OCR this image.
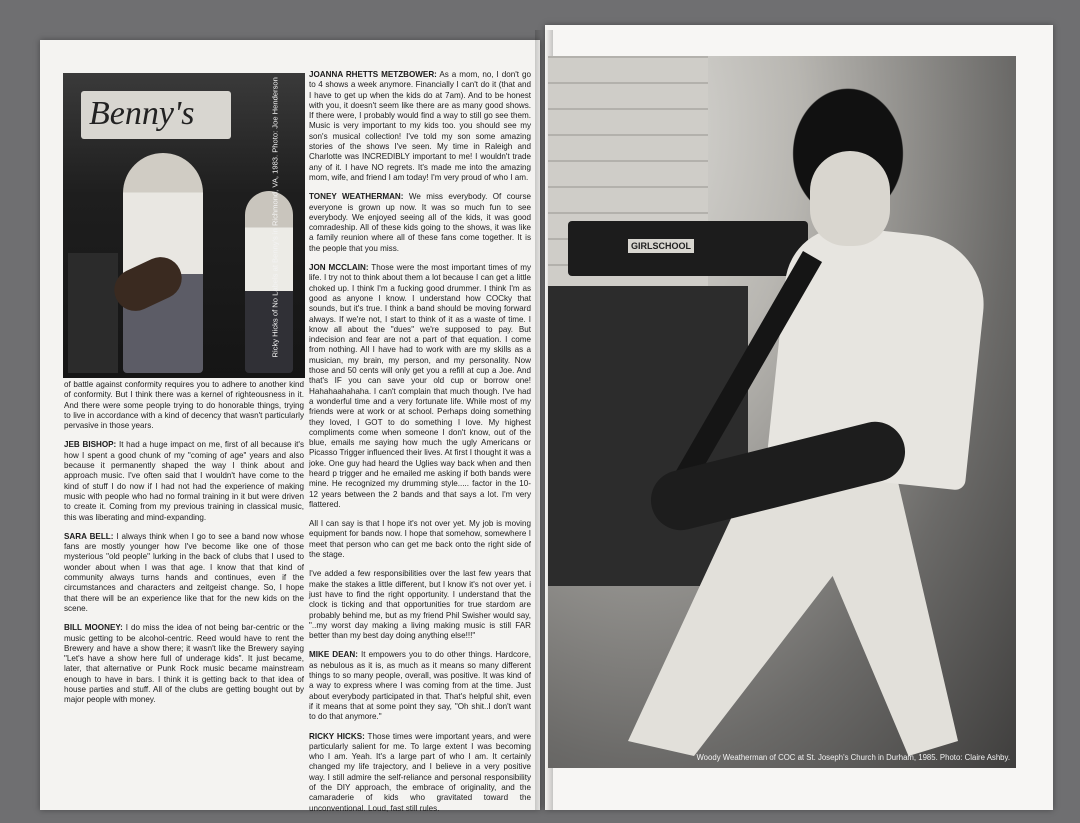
Benny's	Ricky Hicks of No Labels at Benny's in Richmond, VA, 1983. Photo: Joe Henderson

of battle against conformity requires you to adhere to another kind of conformity. But I think there was a kernel of righteousness in it. And there were some people trying to do honorable things, trying to live in accordance with a kind of decency that wasn't particularly pervasive in those years.

JEB BISHOP: It had a huge impact on me, first of all because it's how I spent a good chunk of my "coming of age" years and also because it permanently shaped the way I think about and approach music. I've often said that I wouldn't have come to the kind of stuff I do now if I had not had the experience of making music with people who had no formal training in it but were driven to create it. Coming from my previous training in classical music, this was liberating and mind-expanding.

SARA BELL: I always think when I go to see a band now whose fans are mostly younger how I've become like one of those mysterious "old people" lurking in the back of clubs that I used to wonder about when I was that age. I know that that kind of community always turns hands and continues, even if the circumstances and characters and zeitgeist change. So, I hope that there will be an experience like that for the new kids on the scene.

BILL MOONEY: I do miss the idea of not being bar-centric or the music getting to be alcohol-centric. Reed would have to rent the Brewery and have a show there; it wasn't like the Brewery saying "Let's have a show here full of underage kids". It just became, later, that alternative or Punk Rock music became mainstream enough to have in bars. I think it is getting back to that idea of house parties and stuff. All of the clubs are getting bought out by major people with money.

JOANNA RHETTS METZBOWER: As a mom, no, I don't go to 4 shows a week anymore. Financially I can't do it (that and I have to get up when the kids do at 7am). And to be honest with you, it doesn't seem like there are as many good shows. If there were, I probably would find a way to still go see them. Music is very important to my kids too. you should see my son's musical collection! I've told my son some amazing stories of the shows I've seen. My time in Raleigh and Charlotte was INCREDIBLY important to me! I wouldn't trade any of it. I have NO regrets. It's made me into the amazing mom, wife, and friend I am today! I'm very proud of who I am.

TONEY WEATHERMAN: We miss everybody. Of course everyone is grown up now. It was so much fun to see everybody. We enjoyed seeing all of the kids, it was good comradeship. All of these kids going to the shows, it was like a family reunion where all of these fans come together. It is the people that you miss.

JON MCCLAIN: Those were the most important times of my life. I try not to think about them a lot because I can get a little choked up. I think I'm a fucking good drummer. I think I'm as good as anyone I know. I understand how COCky that sounds, but it's true. I think a band should be moving forward always. If we're not, I start to think of it as a waste of time. I know all about the "dues" we're supposed to pay. But indecision and fear are not a part of that equation. I come from nothing. All I have had to work with are my skills as a musician, my brain, my person, and my personality. Now those and 50 cents will only get you a refill at cup a Joe. And that's IF you can save your old cup or borrow one! Hahahaahahaha. I can't complain that much though. I've had a wonderful time and a very fortunate life. While most of my friends were at work or at school. Perhaps doing something they loved, I GOT to do something I love. My highest compliments come when someone I don't know, out of the blue, emails me saying how much the ugly Americans or Picasso Trigger influenced their lives. At first I thought it was a joke. One guy had heard the Uglies way back when and then heard p trigger and he emailed me asking if both bands were mine. He recognized my drumming style..... factor in the 10-12 years between the 2 bands and that says a lot. I'm very flattered.

All I can say is that I hope it's not over yet. My job is moving equipment for bands now. I hope that somehow, somewhere I meet that person who can get me back onto the right side of the stage.

I've added a few responsibilities over the last few years that make the stakes a little different, but I know it's not over yet. i just have to find the right opportunity. I understand that the clock is ticking and that opportunities for true stardom are probably behind me, but as my friend Phil Swisher would say, "..my worst day making a living making music is still FAR better than my best day doing anything else!!!"

MIKE DEAN: It empowers you to do other things. Hardcore, as nebulous as it is, as much as it means so many different things to so many people, overall, was positive. It was kind of a way to express where I was coming from at the time. Just about everybody participated in that. That's helpful shit, even if it means that at some point they say, "Oh shit..I don't want to do that anymore."

RICKY HICKS: Those times were important years, and were particularly salient for me. To large extent I was becoming who I am. Yeah. It's a large part of who I am. It certainly changed my life trajectory, and I believe in a very positive way. I still admire the self-reliance and personal responsibility of the DIY approach, the embrace of originality, and the camaraderie of kids who gravitated toward the unconventional. Loud, fast still rules.

GIRLSCHOOL
Woody Weatherman of COC at St. Joseph's Church in Durham, 1985. Photo: Claire Ashby.
